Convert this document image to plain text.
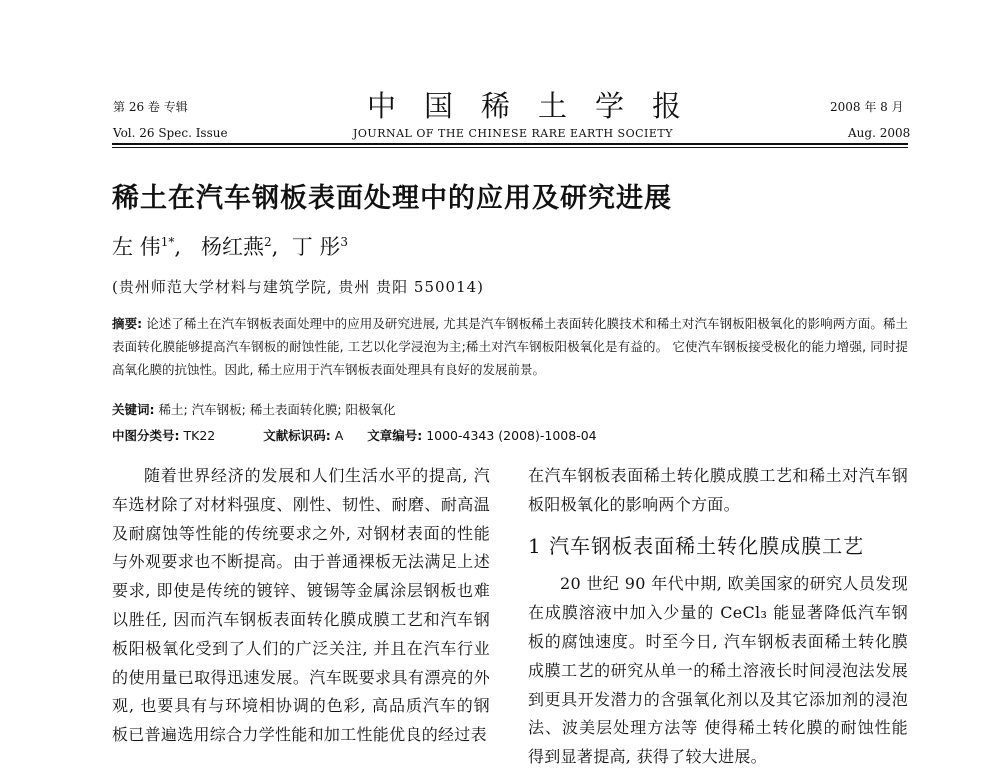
第 26 卷 专辑
Vol. 26 Spec. Issue
中国稀土学报
JOURNAL OF THE CHINESE RARE EARTH SOCIETY
2008 年 8 月
Aug. 2008
稀土在汽车钢板表面处理中的应用及研究进展
左 伟$^{1*}$,   杨红燕$^2$,  丁 彤$^3$
(贵州师范大学材料与建筑学院, 贵州 贵阳 550014)
摘要: 论述了稀土在汽车钢板表面处理中的应用及研究进展, 尤其是汽车钢板稀土表面转化膜技术和稀土对汽车钢板阳极氧化的影响两方面。稀土表面转化膜能够提高汽车钢板的耐蚀性能, 工艺以化学浸泡为主;稀土对汽车钢板阳极氧化是有益的。 它使汽车钢板接受极化的能力增强, 同时提高氧化膜的抗蚀性。因此, 稀土应用于汽车钢板表面处理具有良好的发展前景。
关键词: 稀土; 汽车钢板; 稀土表面转化膜; 阳极氧化
中图分类号: TK22	文献标识码: A 文章编号: 1000-4343 (2008)-1008-04

随着世界经济的发展和人们生活水平的提高, 汽车选材除了对材料强度、刚性、韧性、耐磨、耐高温及耐腐蚀等性能的传统要求之外, 对钢材表面的性能与外观要求也不断提高。由于普通裸板无法满足上述要求, 即使是传统的镀锌、镀锡等金属涂层钢板也难以胜任, 因而汽车钢板表面转化膜成膜工艺和汽车钢板阳极氧化受到了人们的广泛关注, 并且在汽车行业的使用量已取得迅速发展。汽车既要求具有漂亮的外观, 也要具有与环境相协调的色彩, 高品质汽车的钢板已普遍选用综合力学性能和加工性能优良的经过表

在汽车钢板表面稀土转化膜成膜工艺和稀土对汽车钢板阳极氧化的影响两个方面。
1 汽车钢板表面稀土转化膜成膜工艺

20 世纪 90 年代中期, 欧美国家的研究人员发现在成膜溶液中加入少量的 CeCl₃ 能显著降低汽车钢板的腐蚀速度。时至今日, 汽车钢板表面稀土转化膜成膜工艺的研究从单一的稀土溶液长时间浸泡法发展到更具开发潜力的含强氧化剂以及其它添加剂的浸泡法、波美层处理方法等 使得稀土转化膜的耐蚀性能得到显著提高, 获得了较大进展。
